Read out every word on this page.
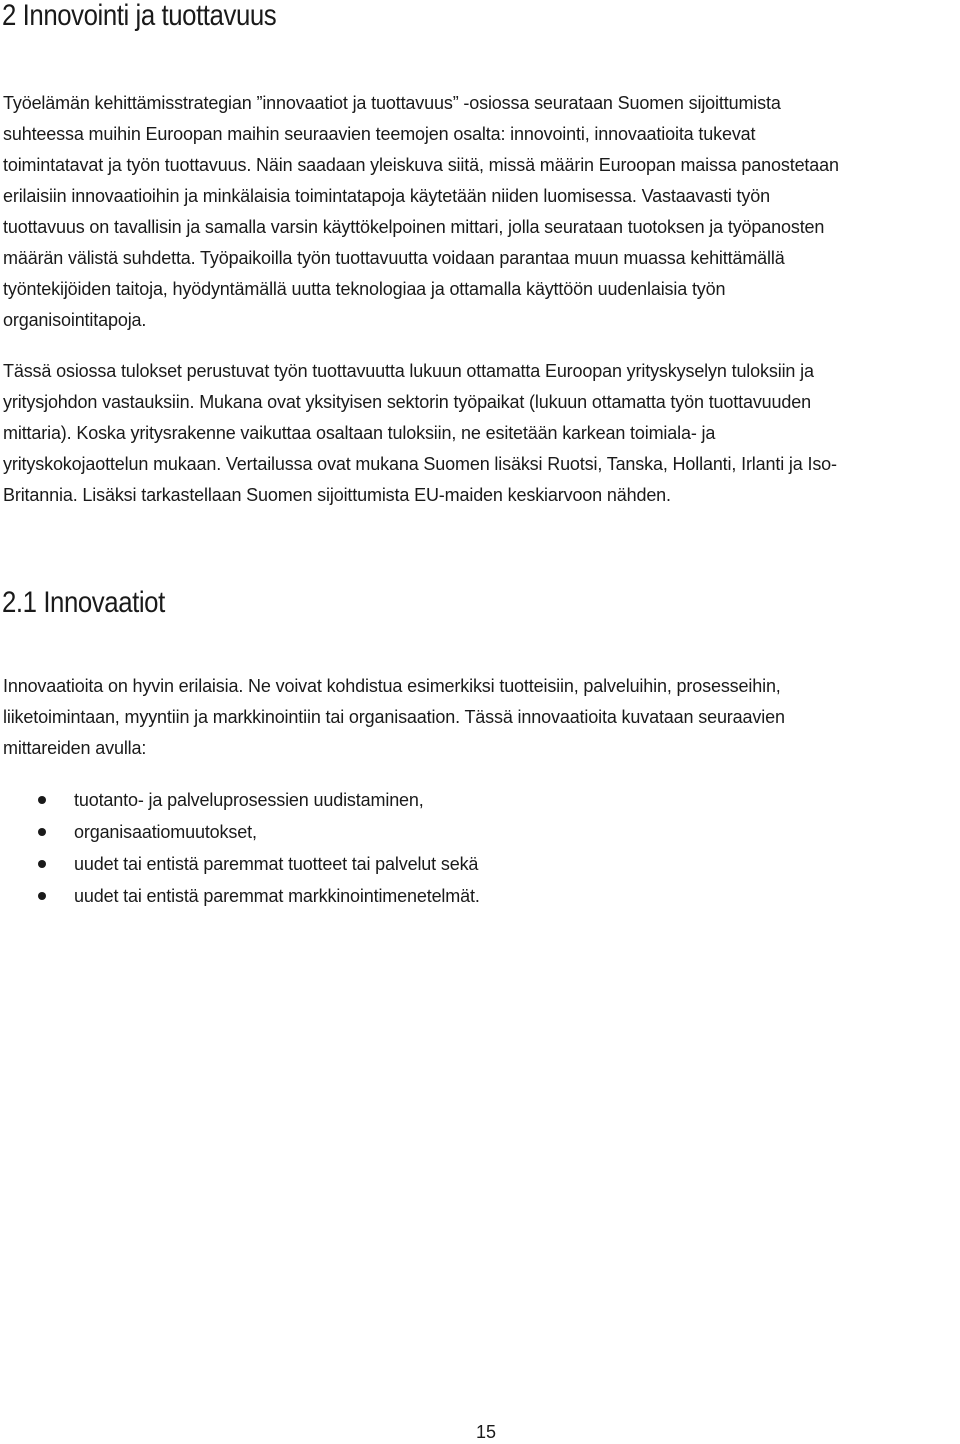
2 Innovointi ja tuottavuus

Työelämän kehittämisstrategian ”innovaatiot ja tuottavuus” -osiossa seurataan Suomen sijoittumista
suhteessa muihin Euroopan maihin seuraavien teemojen osalta: innovointi, innovaatioita tukevat
toimintatavat ja työn tuottavuus. Näin saadaan yleiskuva siitä, missä määrin Euroopan maissa panostetaan
erilaisiin innovaatioihin ja minkälaisia toimintatapoja käytetään niiden luomisessa. Vastaavasti työn
tuottavuus on tavallisin ja samalla varsin käyttökelpoinen mittari, jolla seurataan tuotoksen ja työpanosten
määrän välistä suhdetta. Työpaikoilla työn tuottavuutta voidaan parantaa muun muassa kehittämällä
työntekijöiden taitoja, hyödyntämällä uutta teknologiaa ja ottamalla käyttöön uudenlaisia työn
organisointitapoja.

Tässä osiossa tulokset perustuvat työn tuottavuutta lukuun ottamatta Euroopan yrityskyselyn tuloksiin ja
yritysjohdon vastauksiin. Mukana ovat yksityisen sektorin työpaikat (lukuun ottamatta työn tuottavuuden
mittaria). Koska yritysrakenne vaikuttaa osaltaan tuloksiin, ne esitetään karkean toimiala- ja
yrityskokojaottelun mukaan. Vertailussa ovat mukana Suomen lisäksi Ruotsi, Tanska, Hollanti, Irlanti ja Iso-
Britannia. Lisäksi tarkastellaan Suomen sijoittumista EU-maiden keskiarvoon nähden.

2.1 Innovaatiot

Innovaatioita on hyvin erilaisia. Ne voivat kohdistua esimerkiksi tuotteisiin, palveluihin, prosesseihin,
liiketoimintaan, myyntiin ja markkinointiin tai organisaation. Tässä innovaatioita kuvataan seuraavien
mittareiden avulla:

tuotanto- ja palveluprosessien uudistaminen,
organisaatiomuutokset,
uudet tai entistä paremmat tuotteet tai palvelut sekä
uudet tai entistä paremmat markkinointimenetelmät.
15
